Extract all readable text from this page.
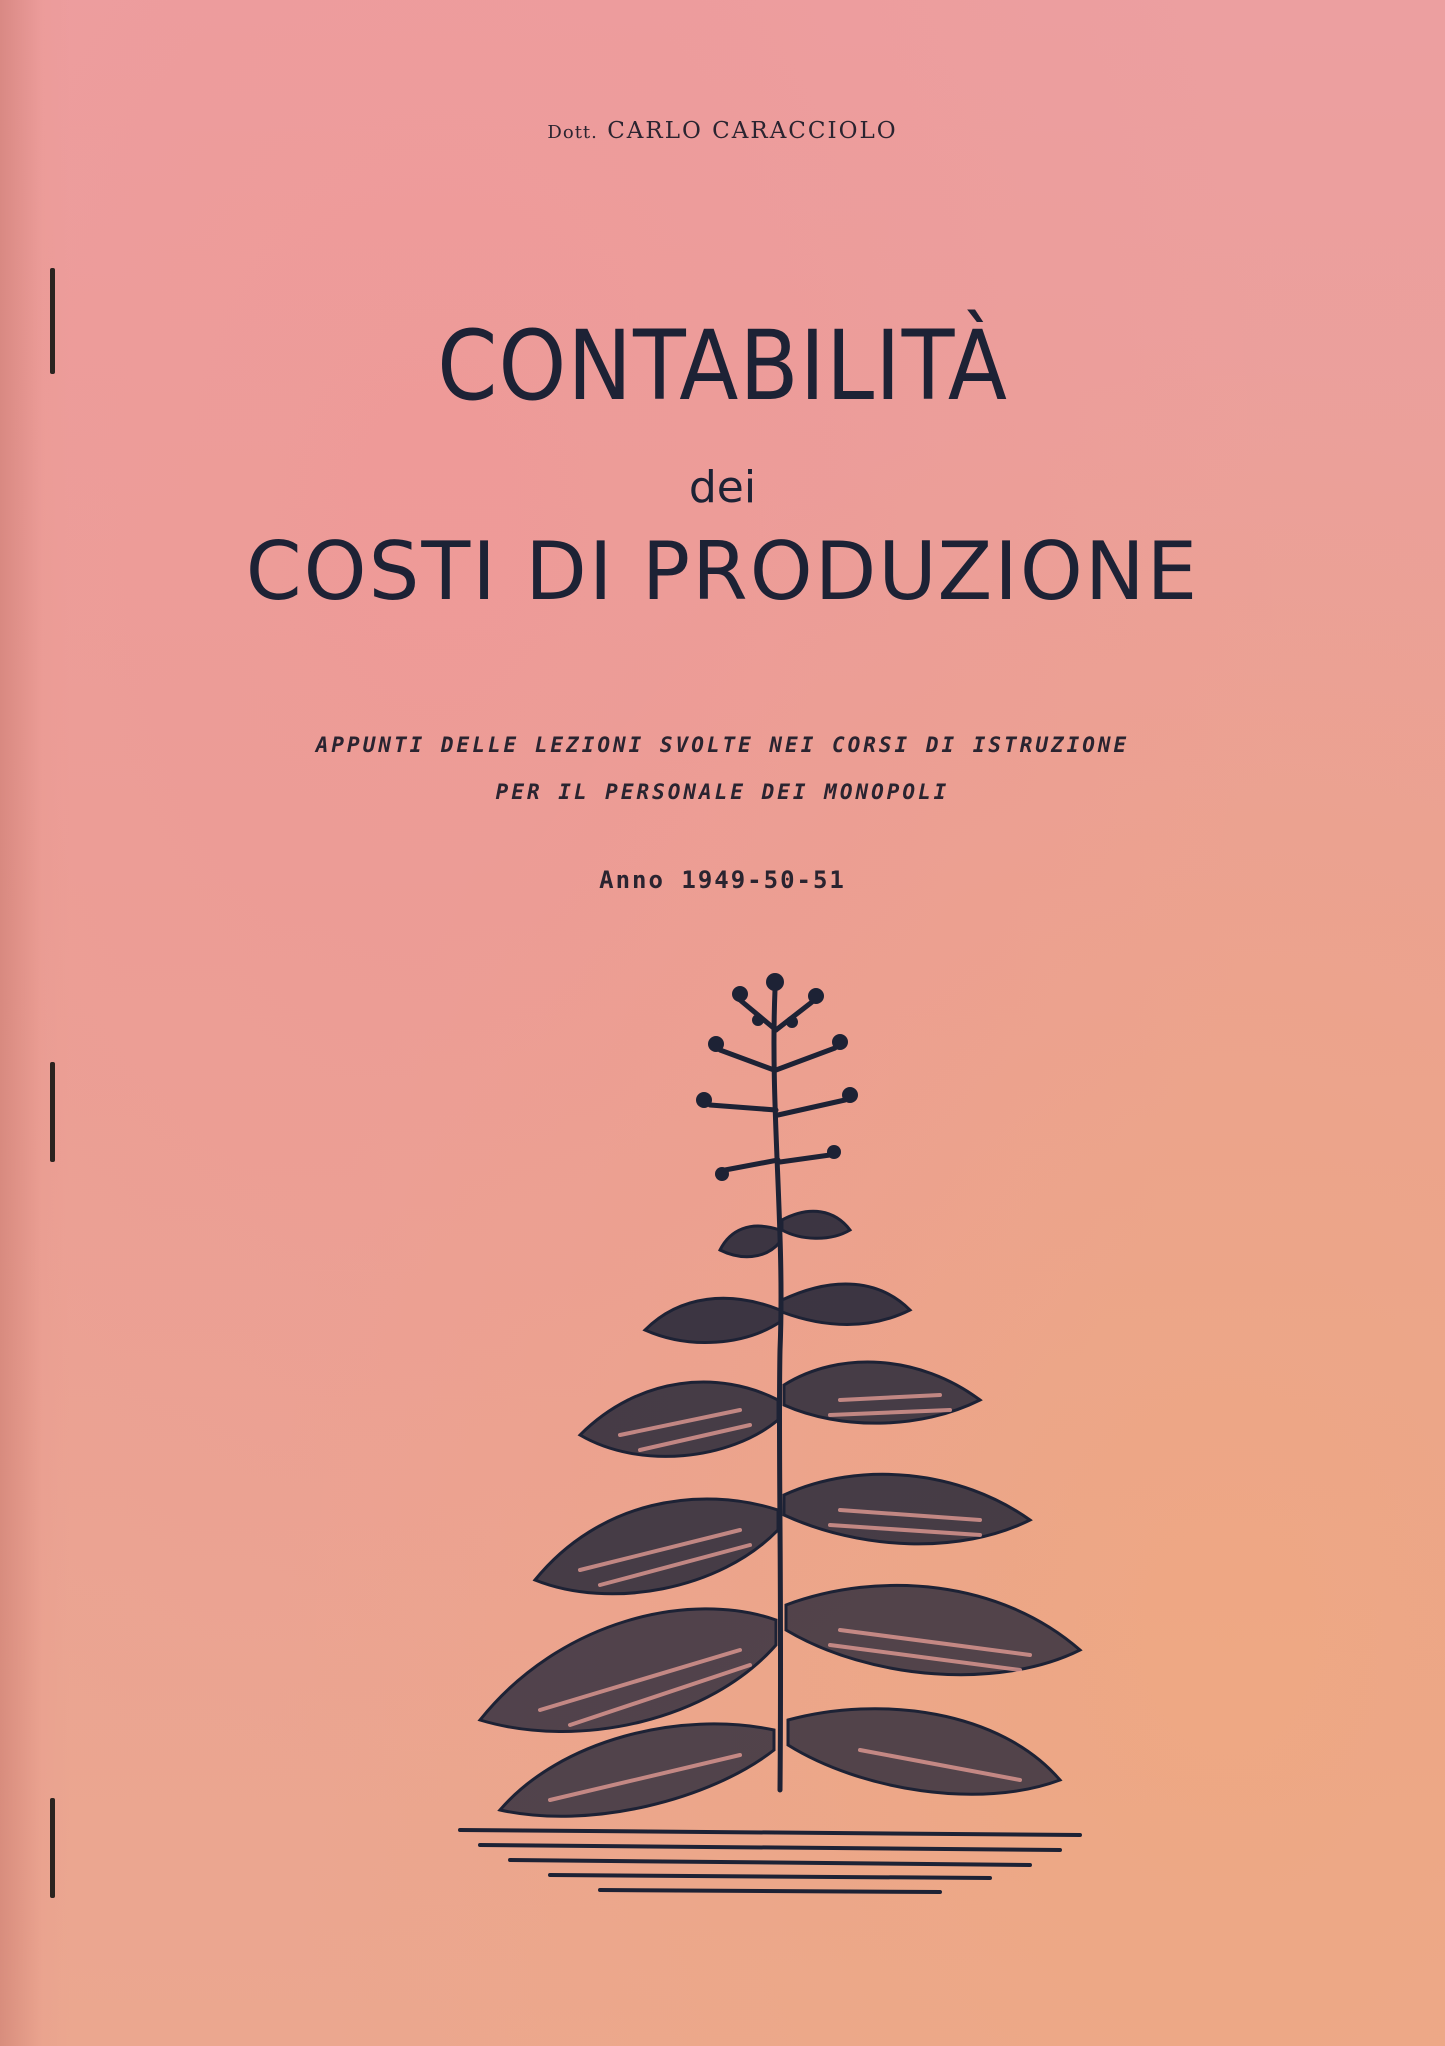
Dott. CARLO CARACCIOLO
CONTABILITÀ
dei
COSTI DI PRODUZIONE
APPUNTI DELLE LEZIONI SVOLTE NEI CORSI DI ISTRUZIONE
PER IL PERSONALE DEI MONOPOLI
Anno 1949-50-51
